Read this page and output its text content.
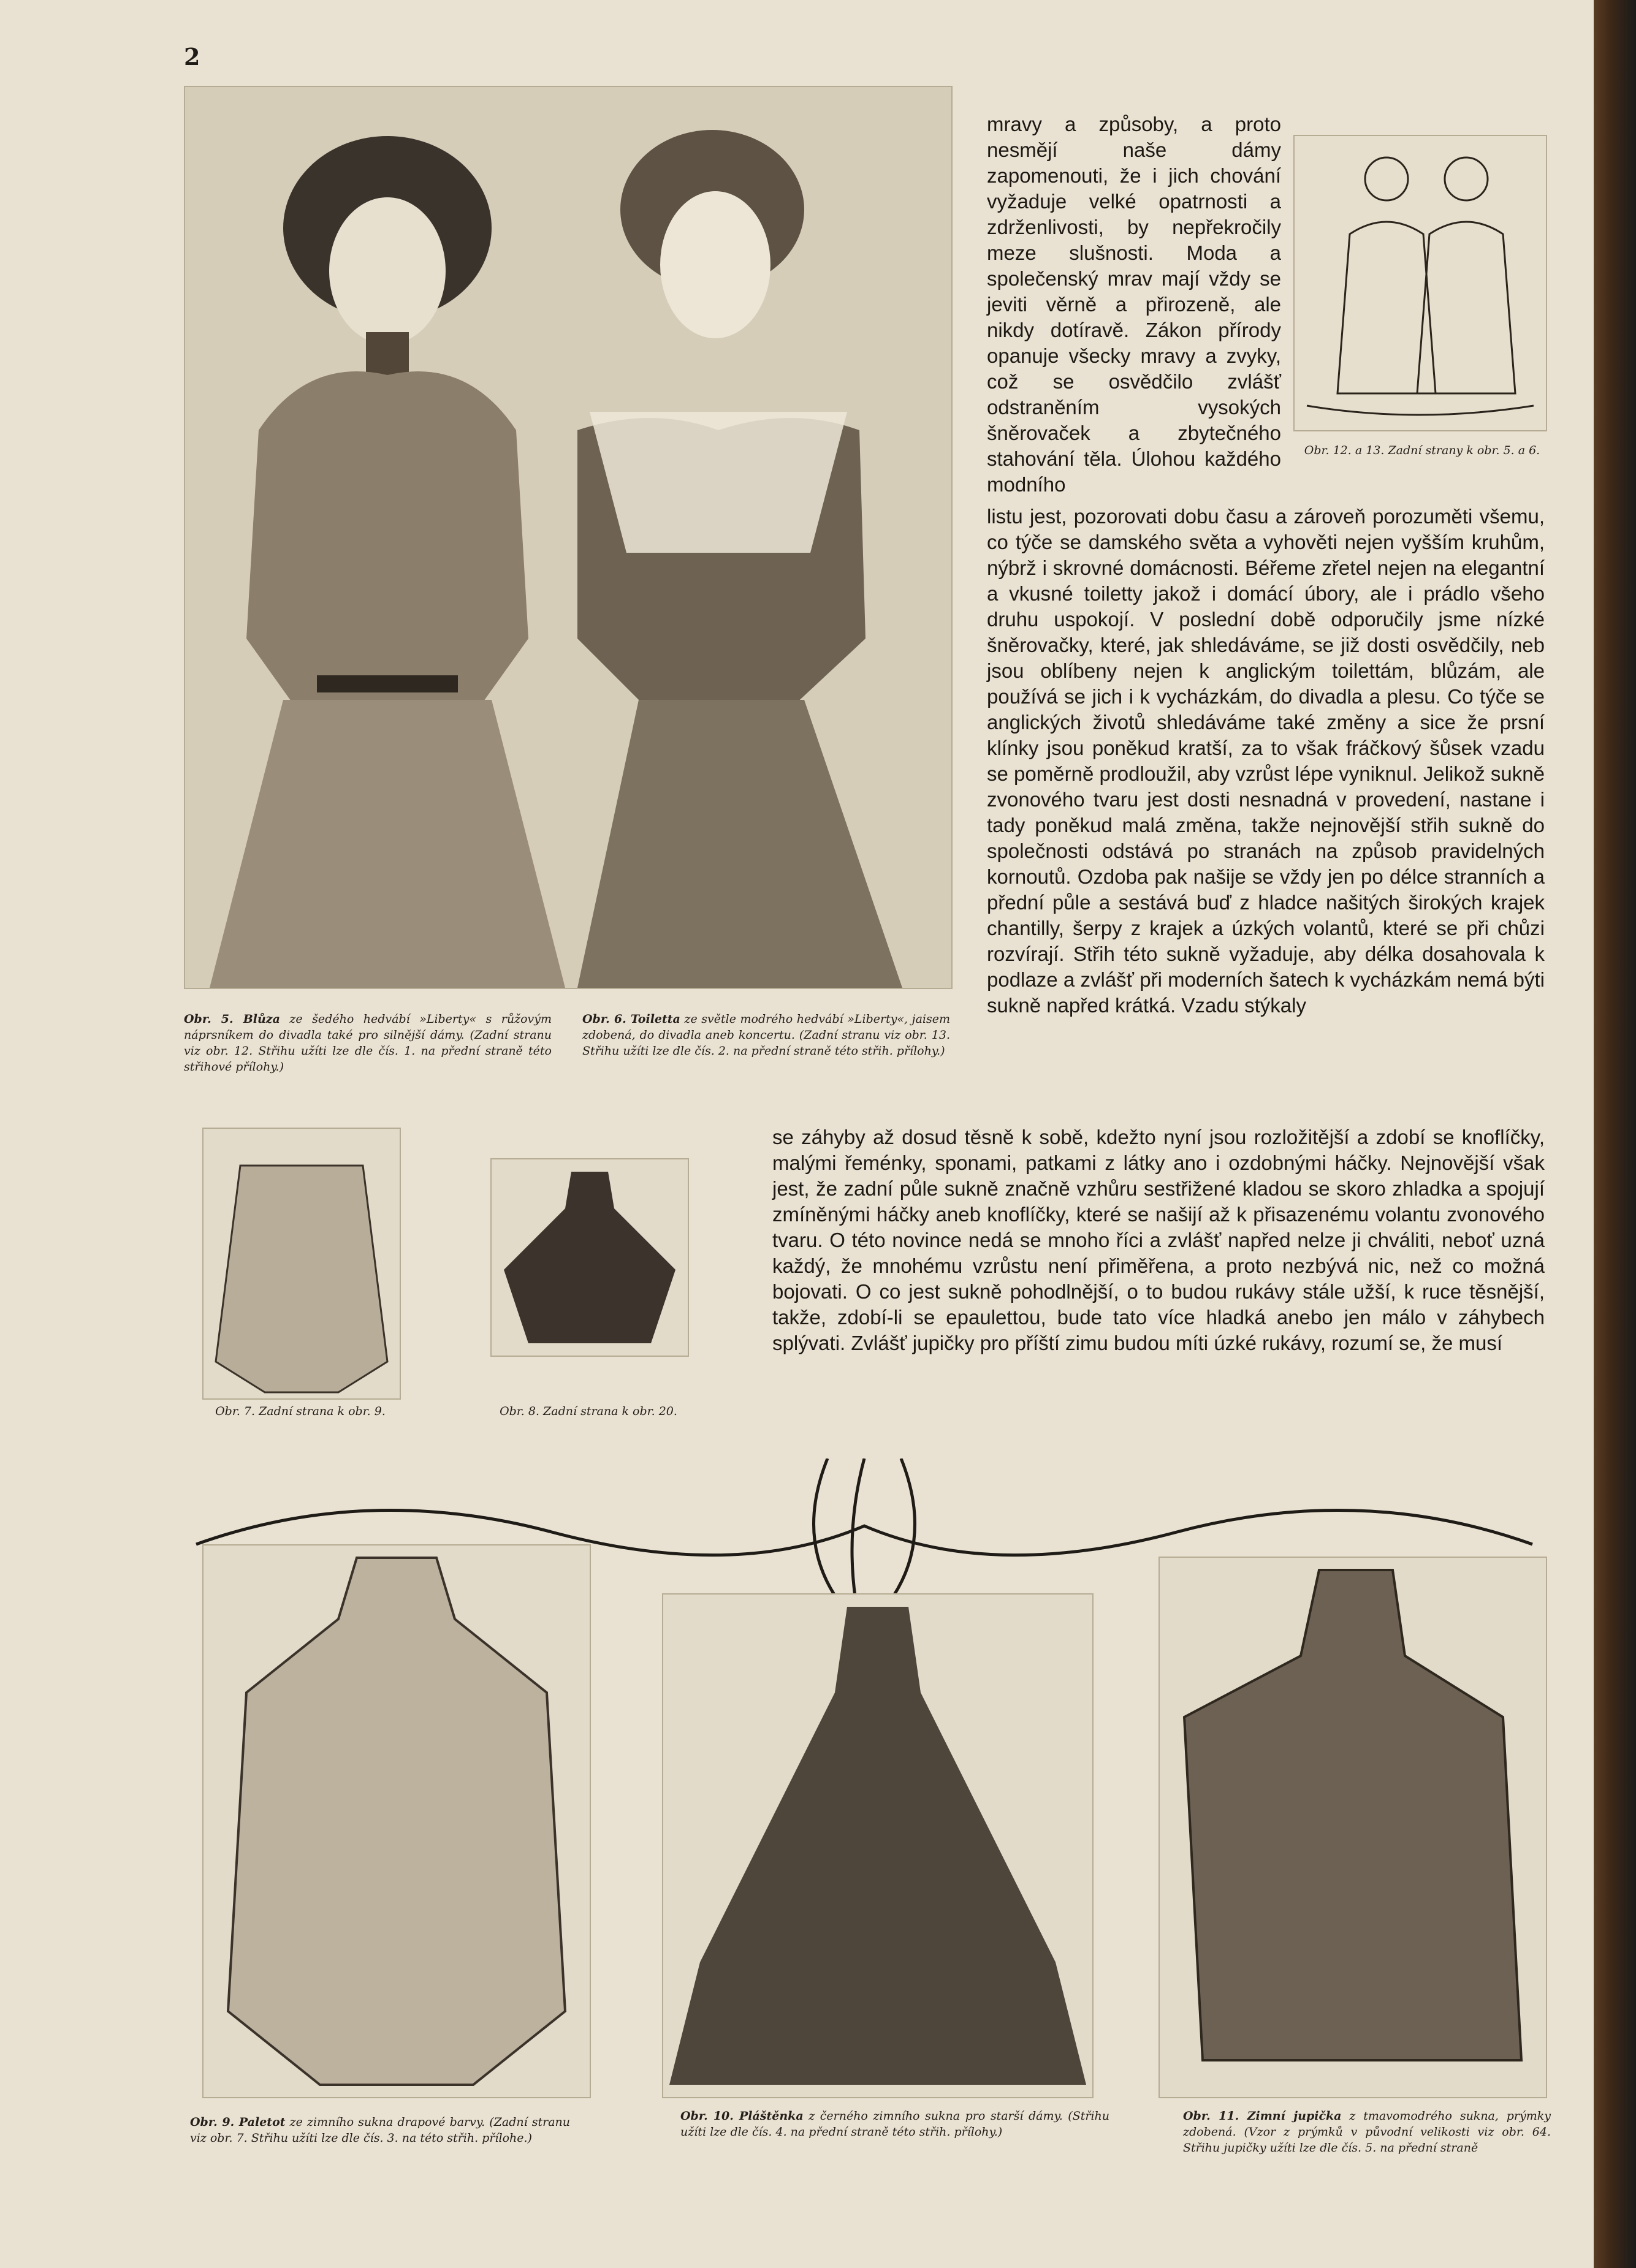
2
Obr. 12. a 13. Zadní strany k obr. 5. a 6.
mravy a způsoby, a proto nesmějí naše dámy zapomenouti, že i jich chování vyžaduje velké opatrnosti a zdrženlivosti, by nepřekročily meze slušnosti. Moda a společenský mrav mají vždy se jeviti věrně a přirozeně, ale nikdy dotíravě. Zákon přírody opanuje všecky mravy a zvyky, což se osvědčilo zvlášť odstraněním vysokých šněrovaček a zbytečného stahování těla. Úlohou každého modního
listu jest, pozorovati dobu času a zároveň porozuměti všemu, co týče se damského světa a vyhověti nejen vyšším kruhům, nýbrž i skrovné domácnosti. Béřeme zřetel nejen na elegantní a vkusné toiletty jakož i domácí úbory, ale i prádlo všeho druhu uspokojí. V poslední době odporučily jsme nízké šněrovačky, které, jak shledáváme, se již dosti osvědčily, neb jsou oblíbeny nejen k anglickým toilettám, blůzám, ale používá se jich i k vycházkám, do divadla a plesu. Co týče se anglických životů shledáváme také změny a sice že prsní klínky jsou poněkud kratší, za to však fráčkový šůsek vzadu se poměrně prodloužil, aby vzrůst lépe vyniknul. Jelikož sukně zvonového tvaru jest dosti nesnadná v provedení, nastane i tady poněkud malá změna, takže nejnovější střih sukně do společnosti odstává po stranách na způsob pravidelných kornoutů. Ozdoba pak našije se vždy jen po délce stranních a přední půle a sestává buď z hladce našitých širokých krajek chantilly, šerpy z krajek a úzkých volantů, které se při chůzi rozvírají. Střih této sukně vyžaduje, aby délka dosahovala k podlaze a zvlášť při moderních šatech k vycházkám nemá býti sukně napřed krátká. Vzadu stýkaly
Obr. 5. Blůza ze šedého hedvábí »Liberty« s růžovým náprsníkem do divadla také pro silnější dámy. (Zadní stranu viz obr. 12. Střihu užíti lze dle čís. 1. na přední straně této střihové přílohy.)
Obr. 6. Toiletta ze světle modrého hedvábí »Liberty«, jaisem zdobená, do divadla aneb koncertu. (Zadní stranu viz obr. 13. Střihu užíti lze dle čís. 2. na přední straně této střih. přílohy.)
Obr. 7. Zadní strana k obr. 9.	Obr. 8. Zadní strana k obr. 20.
se záhyby až dosud těsně k sobě, kdežto nyní jsou rozložitější a zdobí se knoflíčky, malými řeménky, sponami, patkami z látky ano i ozdobnými háčky. Nejnovější však jest, že zadní půle sukně značně vzhůru sestřižené kladou se skoro zhladka a spojují zmíněnými háčky aneb knoflíčky, které se našijí až k přisazenému volantu zvonového tvaru. O této novince nedá se mnoho říci a zvlášť napřed nelze ji chváliti, neboť uzná každý, že mnohému vzrůstu není přiměřena, a proto nezbývá nic, než co možná bojovati. O co jest sukně pohodlnější, o to budou rukávy stále užší, k ruce těsnější, takže, zdobí-li se epaulettou, bude tato více hladká anebo jen málo v záhybech splývati. Zvlášť jupičky pro příští zimu budou míti úzké rukávy, rozumí se, že musí
Obr. 9. Paletot ze zimního sukna drapové barvy. (Zadní stranu viz obr. 7. Střihu užíti lze dle čís. 3. na této střih. přílohe.)
Obr. 10. Pláštěnka z černého zimního sukna pro starší dámy. (Střihu užíti lze dle čís. 4. na přední straně této střih. přílohy.)
Obr. 11. Zimní jupička z tmavomodrého sukna, prýmky zdobená. (Vzor z prýmků v původní velikosti viz obr. 64. Střihu jupičky užíti lze dle čís. 5. na přední straně
